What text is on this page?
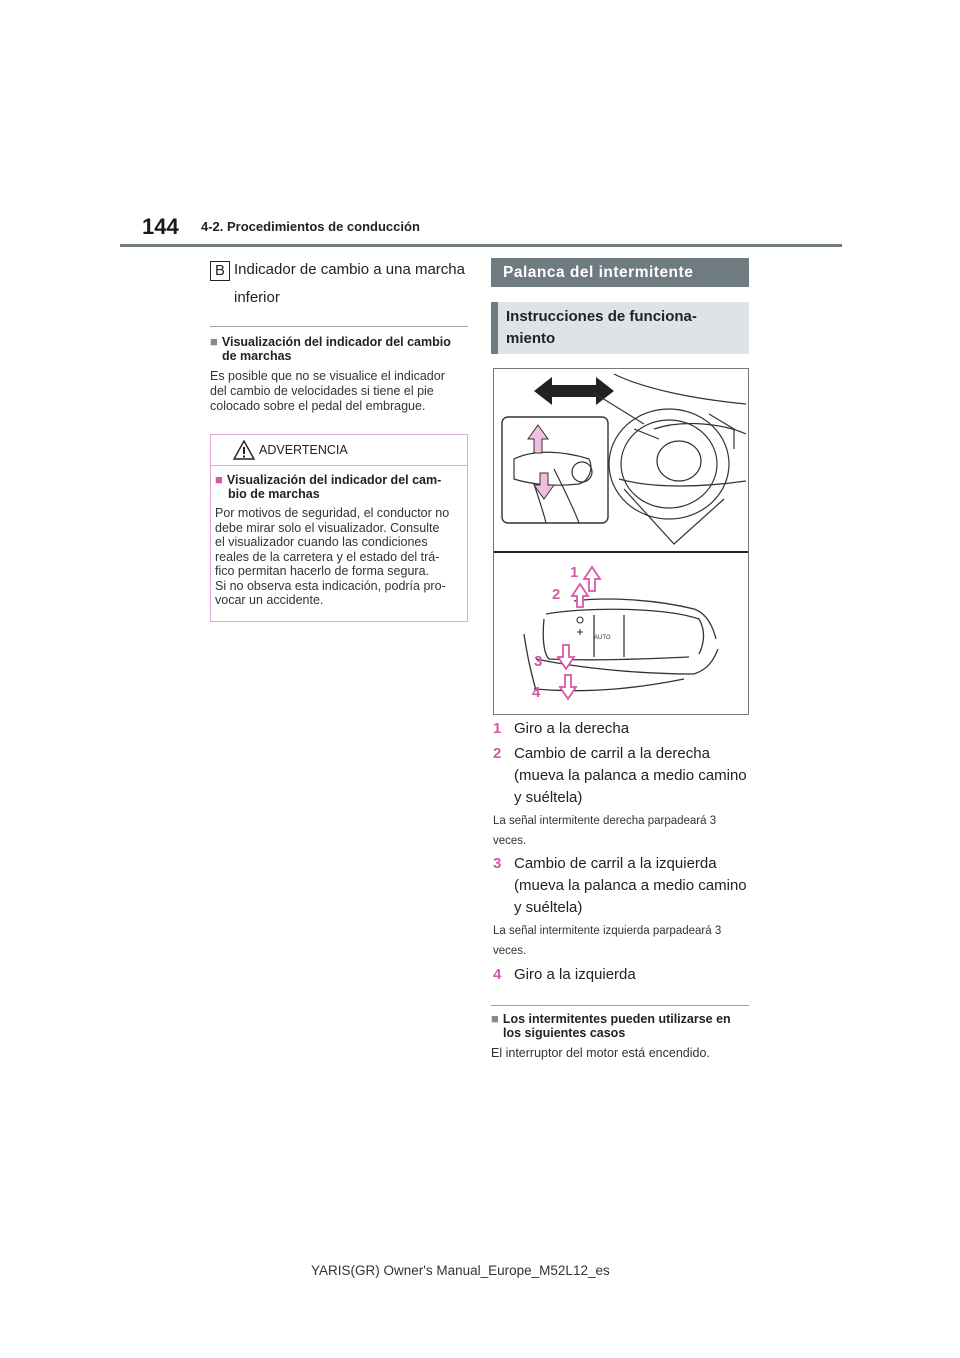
144 4-2. Procedimientos de conducción
B Indicador de cambio a una marcha
inferior
■ Visualización del indicador del cambio
de marchas
Es posible que no se visualice el indicador
del cambio de velocidades si tiene el pie
colocado sobre el pedal del embrague.
ADVERTENCIA
■ Visualización del indicador del cam-
bio de marchas
Por motivos de seguridad, el conductor no
debe mirar solo el visualizador. Consulte
el visualizador cuando las condiciones
reales de la carretera y el estado del trá-
fico permitan hacerlo de forma segura.
Si no observa esta indicación, podría pro-
vocar un accidente.
Palanca del intermitente
Instrucciones de funciona-
miento
AUTO
1
2
3
4
1 Giro a la derecha
2 Cambio de carril a la derecha
(mueva la palanca a medio camino
y suéltela)
La señal intermitente derecha parpadeará 3
veces.
3 Cambio de carril a la izquierda
(mueva la palanca a medio camino
y suéltela)
La señal intermitente izquierda parpadeará 3
veces.
4 Giro a la izquierda
■ Los intermitentes pueden utilizarse en
los siguientes casos
El interruptor del motor está encendido.
YARIS(GR) Owner's Manual_Europe_M52L12_es
